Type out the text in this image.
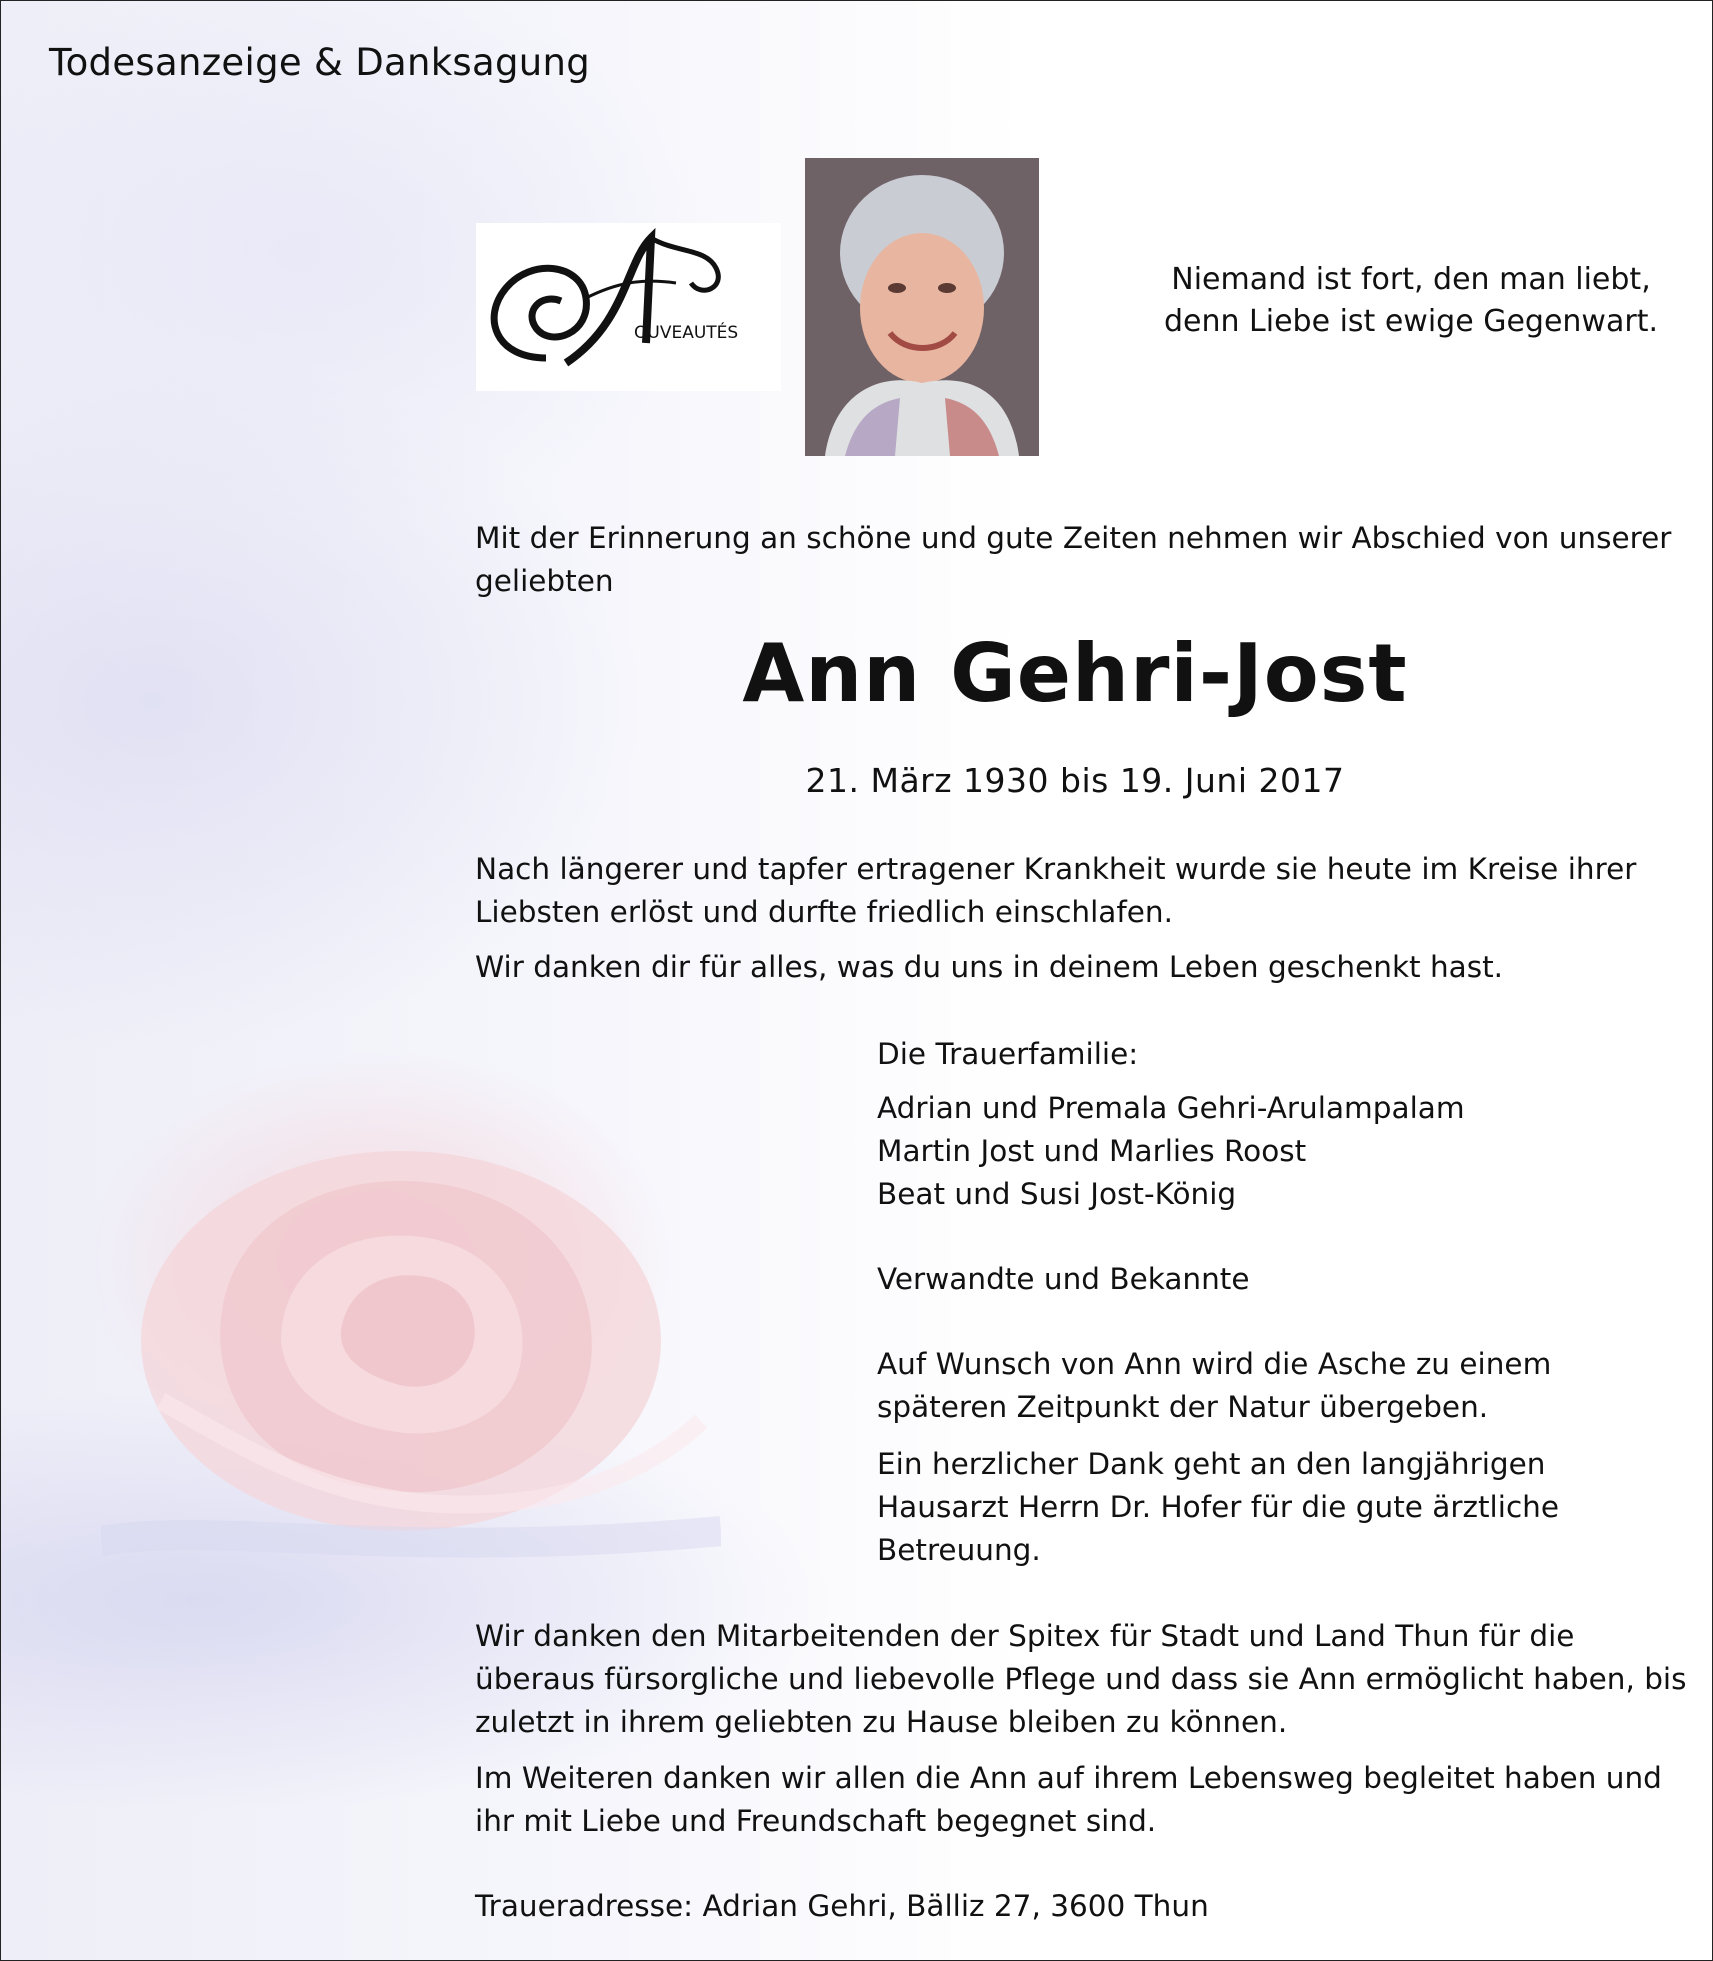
Todesanzeige & Danksagung
OUVEAUTÉS
Niemand ist fort, den man liebt,
denn Liebe ist ewige Gegenwart.
Mit der Erinnerung an schöne und gute Zeiten nehmen wir Abschied von unserer geliebten
Ann Gehri-Jost
21. März 1930 bis 19. Juni 2017
Nach längerer und tapfer ertragener Krankheit wurde sie heute im Kreise ihrer Liebsten erlöst und durfte friedlich einschlafen.
Wir danken dir für alles, was du uns in deinem Leben geschenkt hast.
Die Trauerfamilie:
Adrian und Premala Gehri-Arulampalam
Martin Jost und Marlies Roost
Beat und Susi Jost-König
Verwandte und Bekannte
Auf Wunsch von Ann wird die Asche zu einem späteren Zeitpunkt der Natur übergeben.
Ein herzlicher Dank geht an den langjährigen Hausarzt Herrn Dr. Hofer für die gute ärztliche Betreuung.
Wir danken den Mitarbeitenden der Spitex für Stadt und Land Thun für die überaus fürsorgliche und liebevolle Pflege und dass sie Ann ermöglicht haben, bis zuletzt in ihrem geliebten zu Hause bleiben zu können.
Im Weiteren danken wir allen die Ann auf ihrem Lebensweg begleitet haben und ihr mit Liebe und Freundschaft begegnet sind.
Traueradresse: Adrian Gehri, Bälliz 27, 3600 Thun
